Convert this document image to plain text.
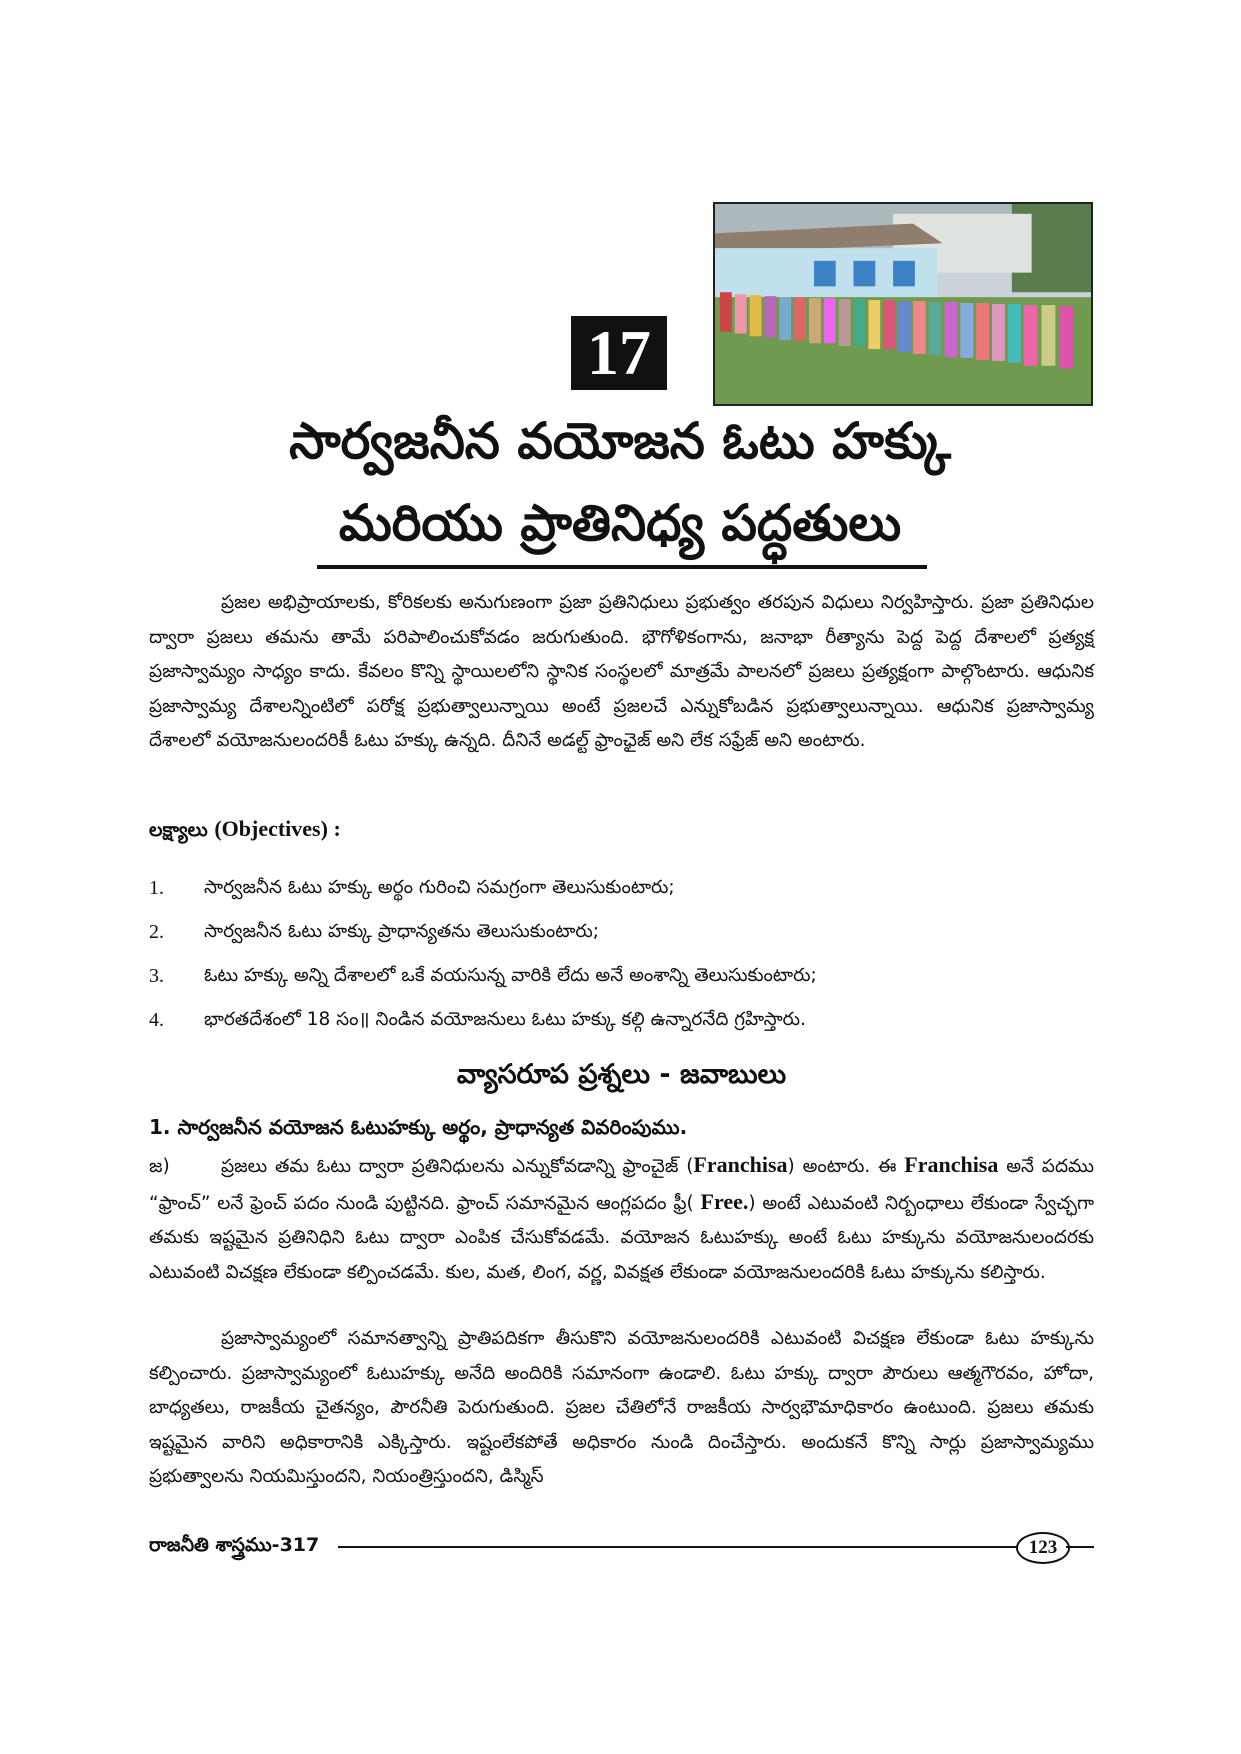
17
సార్వజనీన వయోజన ఓటు హక్కు
మరియు ప్రాతినిధ్య పద్ధతులు
ప్రజల అభిప్రాయాలకు, కోరికలకు అనుగుణంగా ప్రజా ప్రతినిధులు ప్రభుత్వం తరపున విధులు నిర్వహిస్తారు. ప్రజా ప్రతినిధుల ద్వారా ప్రజలు తమను తామే పరిపాలించుకోవడం జరుగుతుంది. భౌగోళికంగాను, జనాభా రీత్యాను పెద్ద పెద్ద దేశాలలో ప్రత్యక్ష ప్రజాస్వామ్యం సాధ్యం కాదు. కేవలం కొన్ని స్థాయిలలోని స్థానిక సంస్థలలో మాత్రమే పాలనలో ప్రజలు ప్రత్యక్షంగా పాల్గొంటారు. ఆధునిక ప్రజాస్వామ్య దేశాలన్నింటిలో పరోక్ష ప్రభుత్వాలున్నాయి అంటే ప్రజలచే ఎన్నుకోబడిన ప్రభుత్వాలున్నాయి. ఆధునిక ప్రజాస్వామ్య దేశాలలో వయోజనులందరికీ ఓటు హక్కు ఉన్నది. దీనినే అడల్ట్ ఫ్రాంఛైజ్ అని లేక సఫ్రేజ్ అని అంటారు.
లక్ష్యాలు (Objectives) :
1. సార్వజనీన ఓటు హక్కు అర్థం గురించి సమగ్రంగా తెలుసుకుంటారు;
2. సార్వజనీన ఓటు హక్కు ప్రాధాన్యతను తెలుసుకుంటారు;
3. ఓటు హక్కు అన్ని దేశాలలో ఒకే వయసున్న వారికి లేదు అనే అంశాన్ని తెలుసుకుంటారు;
4. భారతదేశంలో 18 సం॥ నిండిన వయోజనులు ఓటు హక్కు కల్గి ఉన్నారనేది గ్రహిస్తారు.
వ్యాసరూప ప్రశ్నలు - జవాబులు
1. సార్వజనీన వయోజన ఓటుహక్కు అర్థం, ప్రాధాన్యత వివరింపుము.
జ)	ప్రజలు తమ ఓటు ద్వారా ప్రతినిధులను ఎన్నుకోవడాన్ని ఫ్రాంచైజ్ (Franchisa) అంటారు. ఈ Franchisa అనే పదము “ఫ్రాంచ్” లనే ఫ్రెంచ్ పదం నుండి పుట్టినది. ఫ్రాంచ్ సమానమైన ఆంగ్లపదం ఫ్రీ( Free.) అంటే ఎటువంటి నిర్బంధాలు లేకుండా స్వేచ్ఛగా తమకు ఇష్టమైన ప్రతినిధిని ఓటు ద్వారా ఎంపిక చేసుకోవడమే. వయోజన ఓటుహక్కు అంటే ఓటు హక్కును వయోజనులందరకు ఎటువంటి విచక్షణ లేకుండా కల్పించడమే. కుల, మత, లింగ, వర్ణ, వివక్షత లేకుండా వయోజనులందరికి ఓటు హక్కును కలిస్తారు.
ప్రజాస్వామ్యంలో సమానత్వాన్ని ప్రాతిపదికగా తీసుకొని వయోజనులందరికి ఎటువంటి విచక్షణ లేకుండా ఓటు హక్కును కల్పించారు. ప్రజాస్వామ్యంలో ఓటుహక్కు అనేది అందిరికి సమానంగా ఉండాలి. ఓటు హక్కు ద్వారా పౌరులు ఆత్మగౌరవం, హోదా, బాధ్యతలు, రాజకీయ చైతన్యం, పౌరనీతి పెరుగుతుంది. ప్రజల చేతిలోనే రాజకీయ సార్వభౌమాధికారం ఉంటుంది. ప్రజలు తమకు ఇష్టమైన వారిని అధికారానికి ఎక్కిస్తారు. ఇష్టంలేకపోతే అధికారం నుండి దించేస్తారు. అందుకనే కొన్ని సార్లు ప్రజాస్వామ్యము ప్రభుత్వాలను నియమిస్తుందని, నియంత్రిస్తుందని, డిస్మిస్
రాజనీతి శాస్త్రము-317	123
